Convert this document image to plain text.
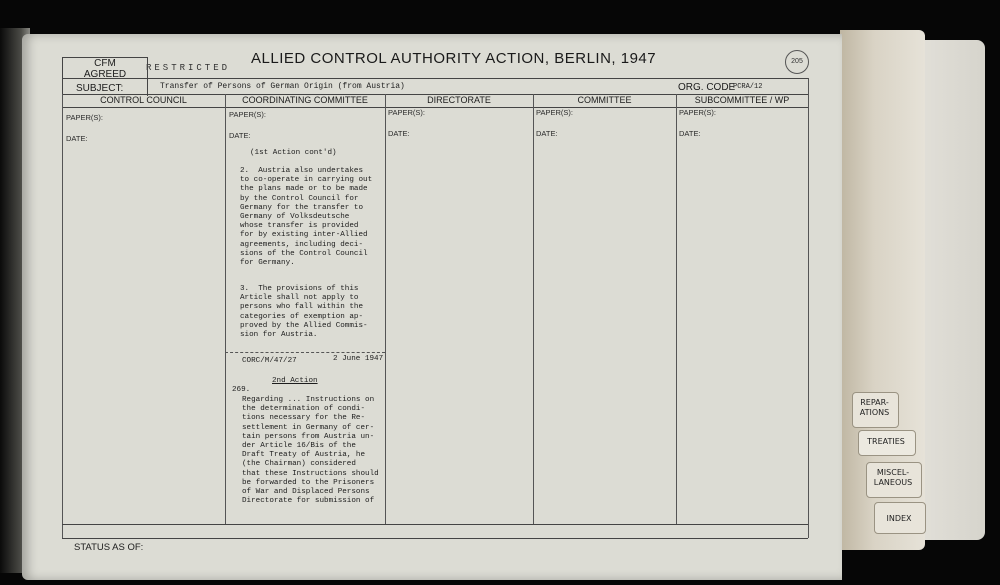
REPAR-
ATIONS
TREATIES
MISCEL-
LANEOUS
INDEX
ALLIED CONTROL AUTHORITY ACTION, BERLIN, 1947
RESTRICTED
205
CFM
AGREED
SUBJECT:	Transfer of Persons of German Origin (from Austria)	ORG. CODE
PCRA/12
CONTROL COUNCIL	COORDINATING COMMITTEE	DIRECTORATE	COMMITTEE	SUBCOMMITTEE / WP
PAPER(S):
DATE:
PAPER(S):
DATE:
PAPER(S):
DATE:
PAPER(S):
DATE:
PAPER(S):
DATE:
(1st Action cont'd)
2.  Austria also undertakes
to co-operate in carrying out
the plans made or to be made
by the Control Council for
Germany for the transfer to
Germany of Volksdeutsche
whose transfer is provided
for by existing inter-Allied
agreements, including deci-
sions of the Control Council
for Germany.
3.  The provisions of this
Article shall not apply to
persons who fall within the
categories of exemption ap-
proved by the Allied Commis-
sion for Austria.
CORC/M/47/27	2 June 1947
2nd Action
269.
Regarding ... Instructions on
the determination of condi-
tions necessary for the Re-
settlement in Germany of cer-
tain persons from Austria un-
der Article 16/Bis of the
Draft Treaty of Austria, he
(the Chairman) considered
that these Instructions should
be forwarded to the Prisoners
of War and Displaced Persons
Directorate for submission of
STATUS AS OF:
